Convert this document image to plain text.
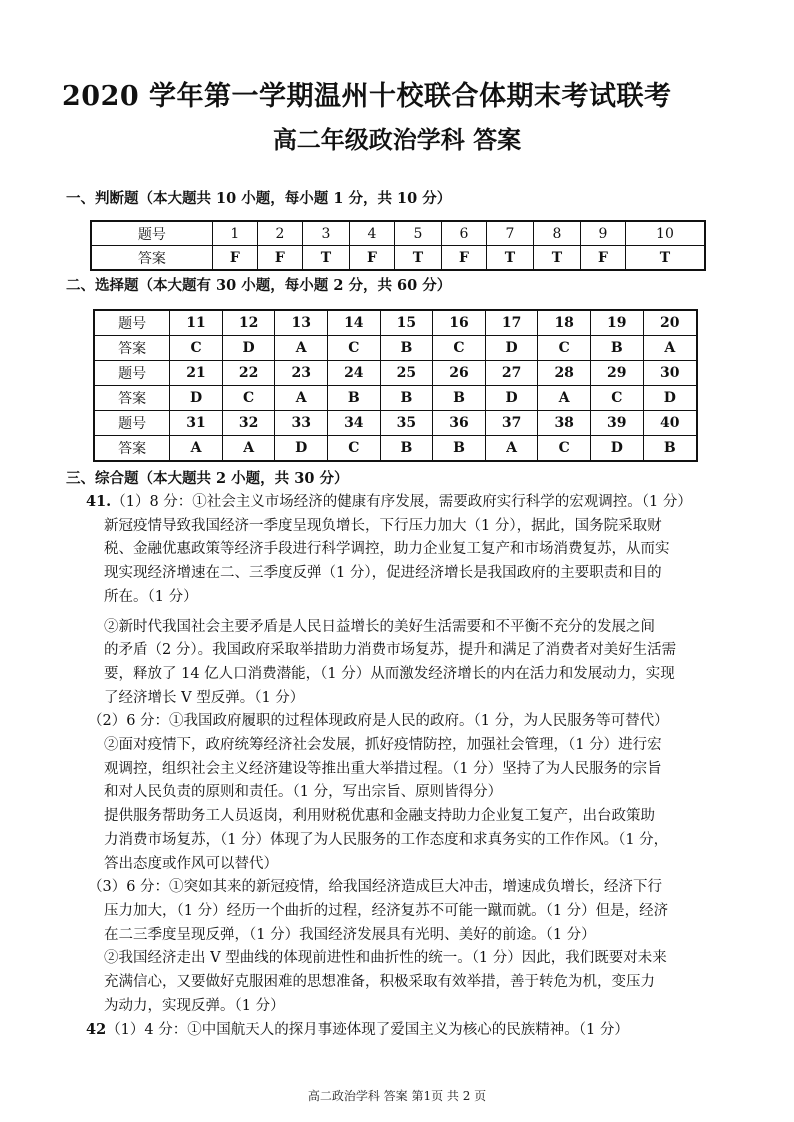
2020 学年第一学期温州十校联合体期末考试联考
高二年级政治学科 答案
一、判断题（本大题共 10 小题，每小题 1 分，共 10 分）
题号	1	2	3	4	5	6	7	8	9	10
答案	F	F	T	F	T	F	T	T	F	T
二、选择题（本大题有 30 小题，每小题 2 分，共 60 分）
题号	11	12	13	14	15	16	17	18	19	20
答案	C	D	A	C	B	C	D	C	B	A
题号	21	22	23	24	25	26	27	28	29	30
答案	D	C	A	B	B	B	D	A	C	D
题号	31	32	33	34	35	36	37	38	39	40
答案	A	A	D	C	B	B	A	C	D	B
三、综合题（本大题共 2 小题，共 30 分）

41.（1）8 分：①社会主义市场经济的健康有序发展，需要政府实行科学的宏观调控。（1 分）

新冠疫情导致我国经济一季度呈现负增长，下行压力加大（1 分），据此，国务院采取财

税、金融优惠政策等经济手段进行科学调控，助力企业复工复产和市场消费复苏，从而实

现实现经济增速在二、三季度反弹（1 分），促进经济增长是我国政府的主要职责和目的

所在。（1 分）

②新时代我国社会主要矛盾是人民日益增长的美好生活需要和不平衡不充分的发展之间

的矛盾（2 分）。我国政府采取举措助力消费市场复苏，提升和满足了消费者对美好生活需

要，释放了 14 亿人口消费潜能，（1 分）从而激发经济增长的内在活力和发展动力，实现

了经济增长 V 型反弹。（1 分）

（2）6 分：①我国政府履职的过程体现政府是人民的政府。（1 分，为人民服务等可替代）

②面对疫情下，政府统筹经济社会发展，抓好疫情防控，加强社会管理，（1 分）进行宏

观调控，组织社会主义经济建设等推出重大举措过程。（1 分）坚持了为人民服务的宗旨

和对人民负责的原则和责任。（1 分，写出宗旨、原则皆得分）

提供服务帮助务工人员返岗，利用财税优惠和金融支持助力企业复工复产，出台政策助

力消费市场复苏，（1 分）体现了为人民服务的工作态度和求真务实的工作作风。（1 分，

答出态度或作风可以替代）

（3）6 分：①突如其来的新冠疫情，给我国经济造成巨大冲击，增速成负增长，经济下行

压力加大，（1 分）经历一个曲折的过程，经济复苏不可能一蹴而就。（1 分）但是，经济

在二三季度呈现反弹，（1 分）我国经济发展具有光明、美好的前途。（1 分）

②我国经济走出 V 型曲线的体现前进性和曲折性的统一。（1 分）因此，我们既要对未来

充满信心，又要做好克服困难的思想准备，积极采取有效举措，善于转危为机，变压力

为动力，实现反弹。（1 分）

42（1）4 分：①中国航天人的探月事迹体现了爱国主义为核心的民族精神。（1 分）

高二政治学科 答案 第1页 共 2 页
